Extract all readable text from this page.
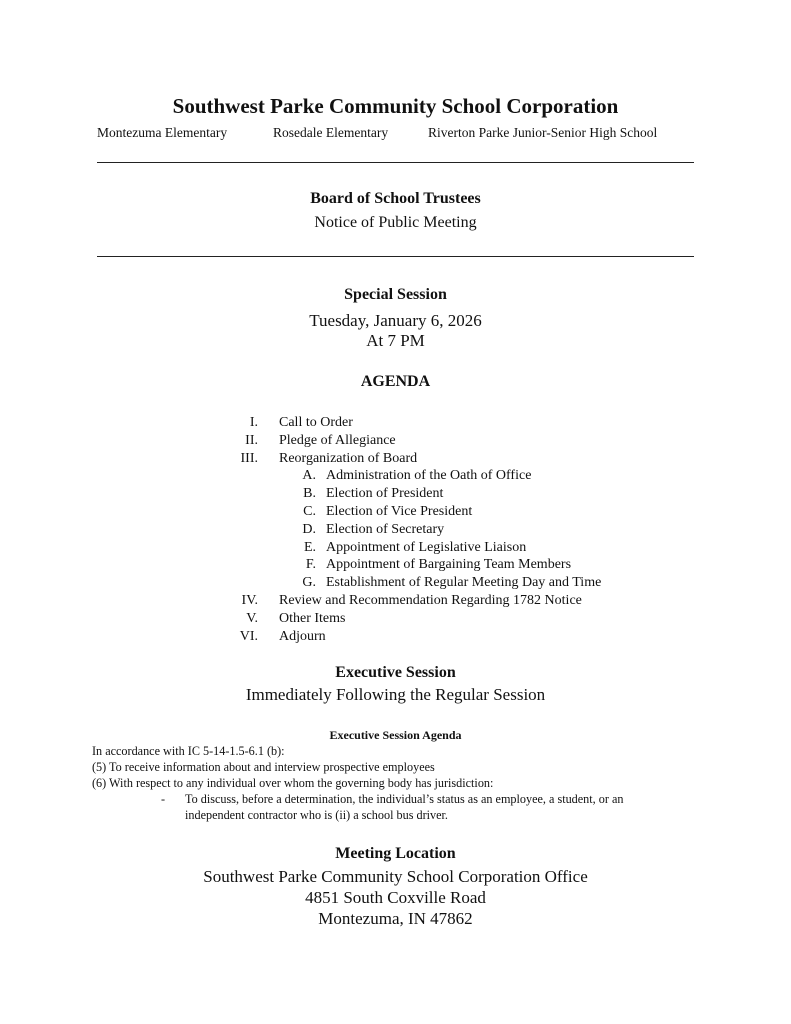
Southwest Parke Community School Corporation
Montezuma Elementary	Rosedale Elementary	Riverton Parke Junior-Senior High School
Board of School Trustees
Notice of Public Meeting
Special Session
Tuesday, January 6, 2026
At 7 PM
AGENDA
I. Call to Order
II. Pledge of Allegiance
III. Reorganization of Board
A. Administration of the Oath of Office
B. Election of President
C. Election of Vice President
D. Election of Secretary
E. Appointment of Legislative Liaison
F. Appointment of Bargaining Team Members
G. Establishment of Regular Meeting Day and Time
IV. Review and Recommendation Regarding 1782 Notice
V. Other Items
VI. Adjourn
Executive Session
Immediately Following the Regular Session
Executive Session Agenda
In accordance with IC 5-14-1.5-6.1 (b):
(5) To receive information about and interview prospective employees
(6) With respect to any individual over whom the governing body has jurisdiction:
- To discuss, before a determination, the individual’s status as an employee, a student, or an
independent contractor who is (ii) a school bus driver.
Meeting Location
Southwest Parke Community School Corporation Office
4851 South Coxville Road
Montezuma, IN 47862
